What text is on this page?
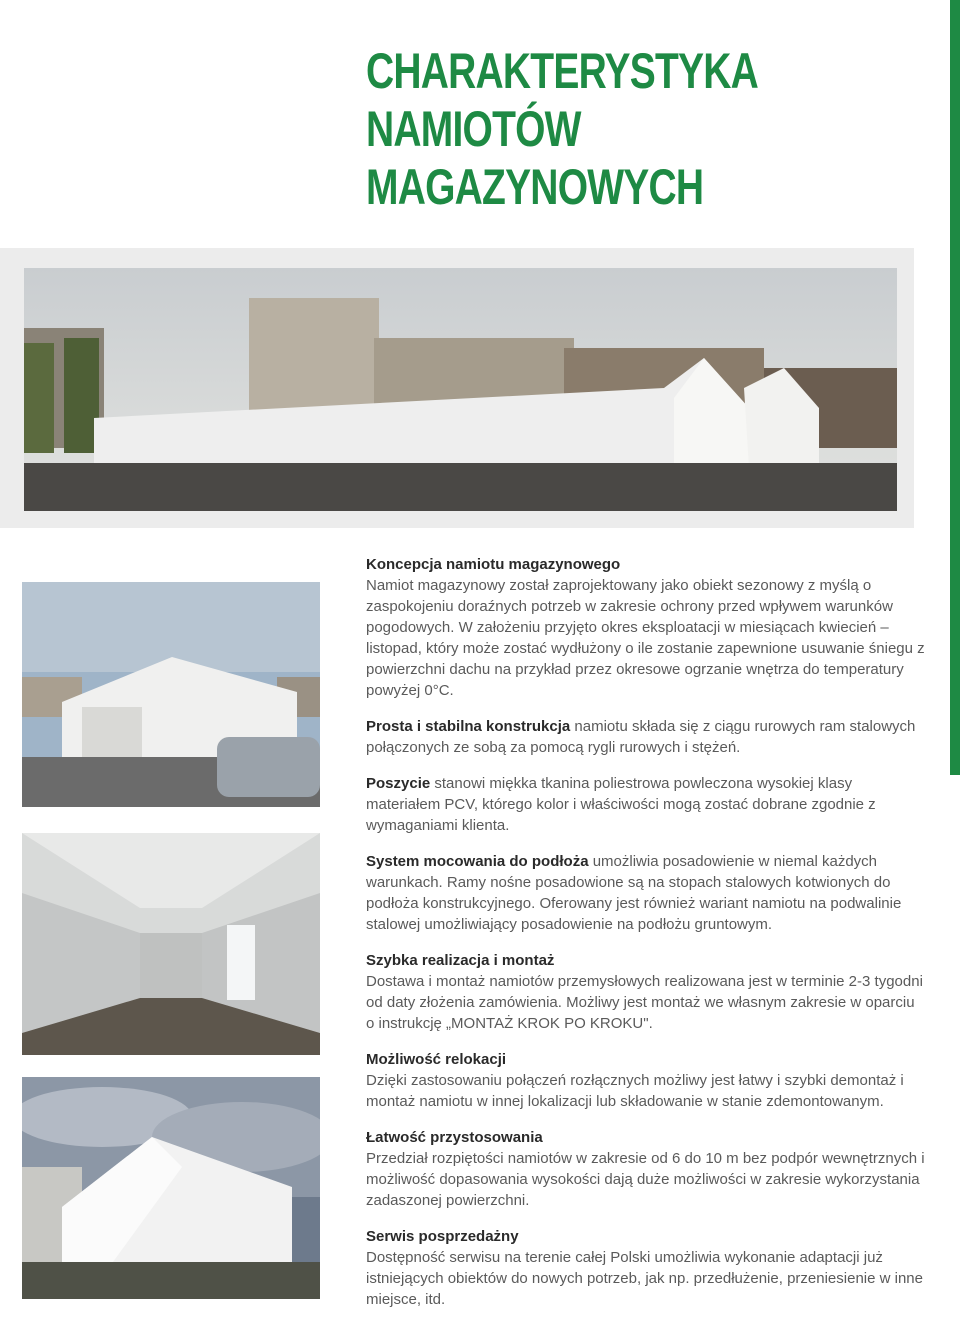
CHARAKTERYSTYKA
NAMIOTÓW
MAGAZYNOWYCH
Koncepcja namiotu magazynowego

Namiot magazynowy został zaprojektowany jako obiekt sezonowy z myślą o zaspokojeniu doraźnych potrzeb w zakresie ochrony przed wpływem warunków pogodowych. W założeniu przyjęto okres eksploatacji w miesiącach kwiecień – listopad, który może zostać wydłużony o ile zostanie zapewnione usuwanie śniegu z powierzchni dachu na przykład przez okresowe ogrzanie wnętrza do temperatury powyżej 0°C.

Prosta i stabilna konstrukcja namiotu składa się z ciągu rurowych ram stalowych połączonych ze sobą za pomocą rygli rurowych i stężeń.

Poszycie stanowi miękka tkanina poliestrowa powleczona wysokiej klasy materiałem PCV, którego kolor i właściwości mogą zostać dobrane zgodnie z wymaganiami klienta.

System mocowania do podłoża umożliwia posadowienie w niemal każdych warunkach. Ramy nośne posadowione są na stopach stalowych kotwionych do podłoża konstrukcyjnego. Oferowany jest również wariant namiotu na podwalinie stalowej umożliwiający posadowienie na podłożu gruntowym.

Szybka realizacja i montaż

Dostawa i montaż namiotów przemysłowych realizowana jest w terminie 2-3 tygodni od daty złożenia zamówienia. Możliwy jest montaż we własnym zakresie w oparciu o instrukcję „MONTAŻ KROK PO KROKU".

Możliwość relokacji

Dzięki zastosowaniu połączeń rozłącznych możliwy jest łatwy i szybki demontaż i montaż namiotu w innej lokalizacji lub składowanie w stanie zdemontowanym.

Łatwość przystosowania

Przedział rozpiętości namiotów w zakresie od 6 do 10 m bez podpór wewnętrznych i możliwość dopasowania wysokości dają duże możliwości w zakresie wykorzystania zadaszonej powierzchni.

Serwis posprzedażny

Dostępność serwisu na terenie całej Polski umożliwia wykonanie adaptacji już istniejących obiektów do nowych potrzeb, jak np. przedłużenie, przeniesienie w inne miejsce, itd.
